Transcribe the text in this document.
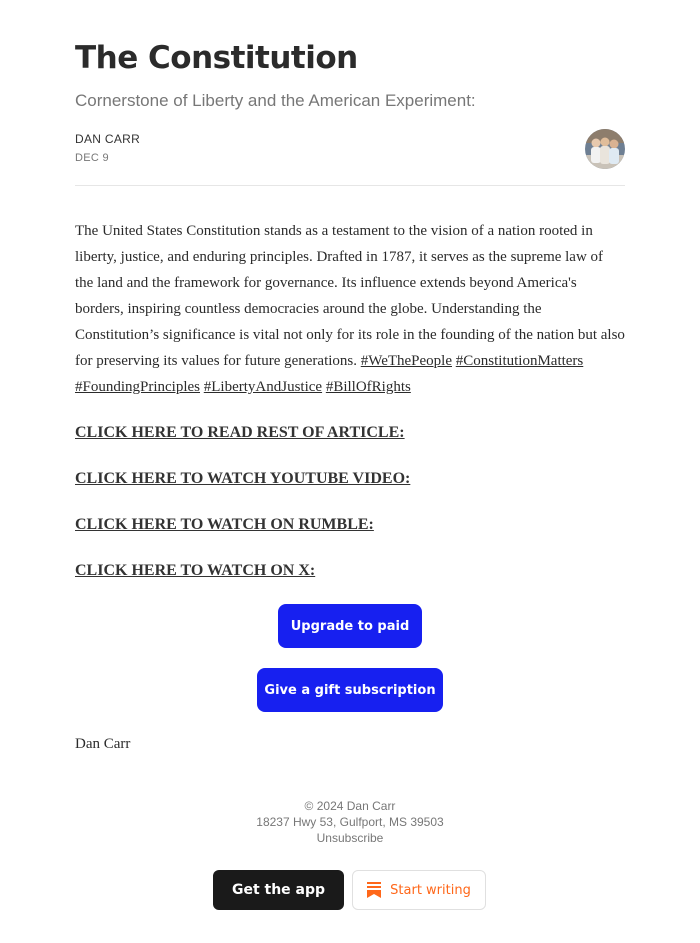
The Constitution
Cornerstone of Liberty and the American Experiment:
DAN CARR
DEC 9
The United States Constitution stands as a testament to the vision of a nation rooted in liberty, justice, and enduring principles. Drafted in 1787, it serves as the supreme law of the land and the framework for governance. Its influence extends beyond America's borders, inspiring countless democracies around the globe. Understanding the Constitution’s significance is vital not only for its role in the founding of the nation but also for preserving its values for future generations. #WeThePeople #ConstitutionMatters #FoundingPrinciples #LibertyAndJustice #BillOfRights
CLICK HERE TO READ REST OF ARTICLE:
CLICK HERE TO WATCH YOUTUBE VIDEO:
CLICK HERE TO WATCH ON RUMBLE:
CLICK HERE TO WATCH ON X:
Upgrade to paid
Give a gift subscription
Dan Carr
© 2024 Dan Carr
18237 Hwy 53, Gulfport, MS 39503
Unsubscribe
Get the app	Start writing
